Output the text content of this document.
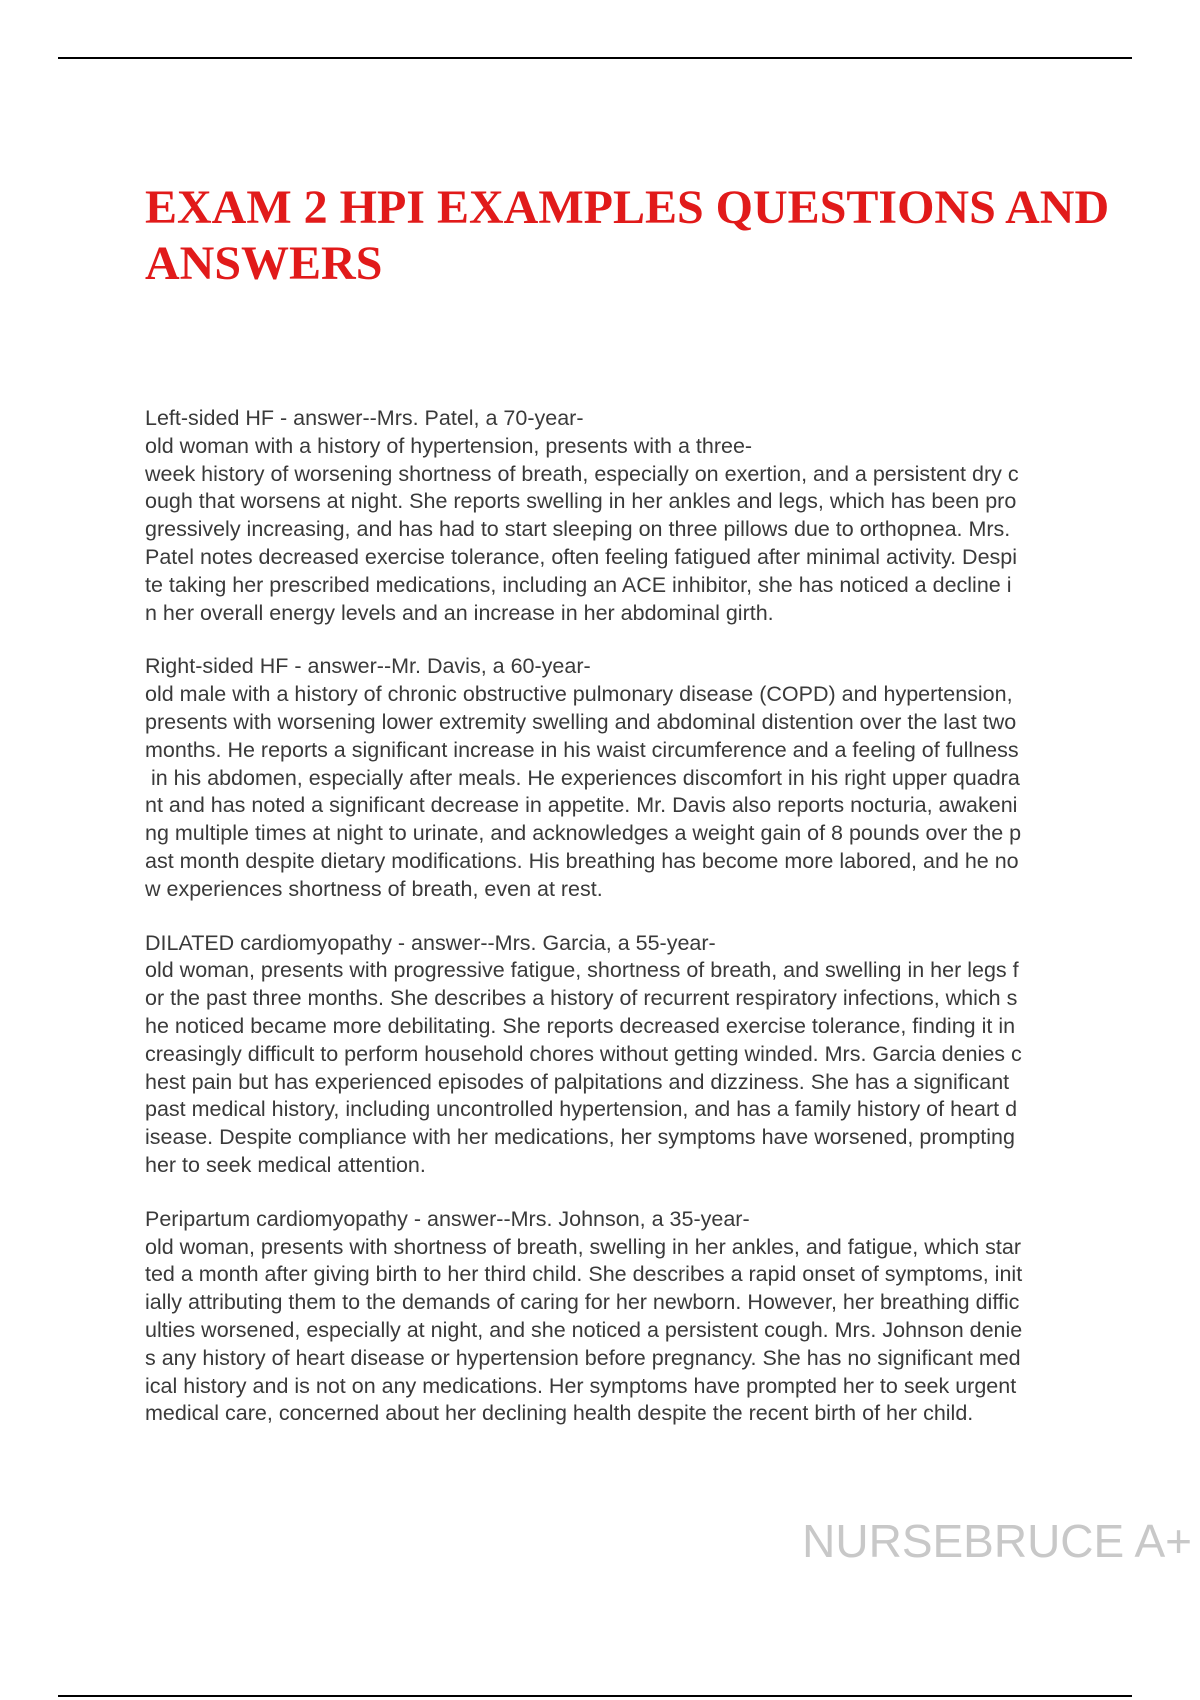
EXAM 2 HPI EXAMPLES QUESTIONS AND
ANSWERS
Left-sided HF - answer--Mrs. Patel, a 70-year-
old woman with a history of hypertension, presents with a three-
week history of worsening shortness of breath, especially on exertion, and a persistent dry c
ough that worsens at night. She reports swelling in her ankles and legs, which has been pro
gressively increasing, and has had to start sleeping on three pillows due to orthopnea. Mrs.
Patel notes decreased exercise tolerance, often feeling fatigued after minimal activity. Despi
te taking her prescribed medications, including an ACE inhibitor, she has noticed a decline i
n her overall energy levels and an increase in her abdominal girth.
Right-sided HF - answer--Mr. Davis, a 60-year-
old male with a history of chronic obstructive pulmonary disease (COPD) and hypertension,
presents with worsening lower extremity swelling and abdominal distention over the last two
months. He reports a significant increase in his waist circumference and a feeling of fullness
in his abdomen, especially after meals. He experiences discomfort in his right upper quadra
nt and has noted a significant decrease in appetite. Mr. Davis also reports nocturia, awakeni
ng multiple times at night to urinate, and acknowledges a weight gain of 8 pounds over the p
ast month despite dietary modifications. His breathing has become more labored, and he no
w experiences shortness of breath, even at rest.
DILATED cardiomyopathy - answer--Mrs. Garcia, a 55-year-
old woman, presents with progressive fatigue, shortness of breath, and swelling in her legs f
or the past three months. She describes a history of recurrent respiratory infections, which s
he noticed became more debilitating. She reports decreased exercise tolerance, finding it in
creasingly difficult to perform household chores without getting winded. Mrs. Garcia denies c
hest pain but has experienced episodes of palpitations and dizziness. She has a significant
past medical history, including uncontrolled hypertension, and has a family history of heart d
isease. Despite compliance with her medications, her symptoms have worsened, prompting
her to seek medical attention.
Peripartum cardiomyopathy - answer--Mrs. Johnson, a 35-year-
old woman, presents with shortness of breath, swelling in her ankles, and fatigue, which star
ted a month after giving birth to her third child. She describes a rapid onset of symptoms, init
ially attributing them to the demands of caring for her newborn. However, her breathing diffic
ulties worsened, especially at night, and she noticed a persistent cough. Mrs. Johnson denie
s any history of heart disease or hypertension before pregnancy. She has no significant med
ical history and is not on any medications. Her symptoms have prompted her to seek urgent
medical care, concerned about her declining health despite the recent birth of her child.
NURSEBRUCE A+
